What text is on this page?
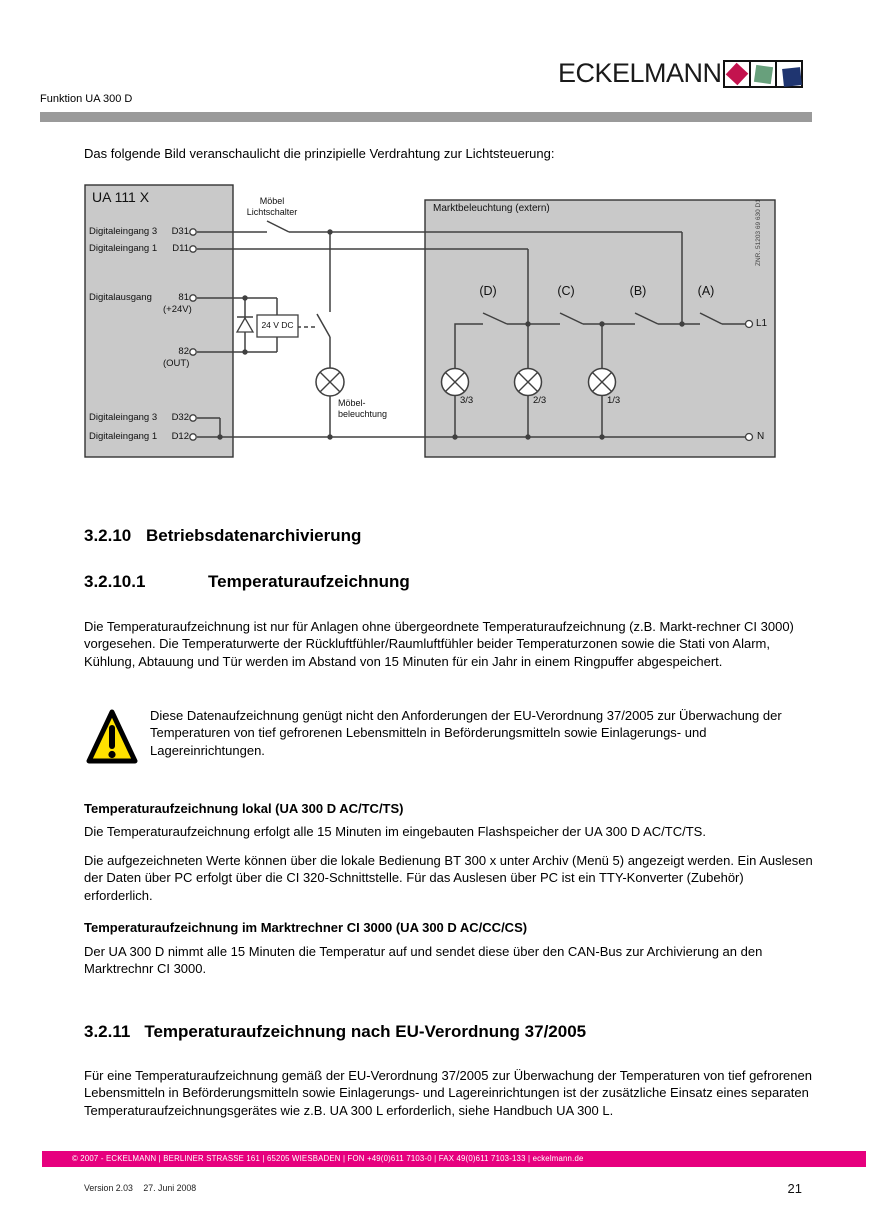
ECKELMANN
Funktion UA 300 D
Das folgende Bild veranschaulicht die prinzipielle Verdrahtung zur Lichtsteuerung:
UA 111 X
Digitaleingang 3	D31
Digitaleingang 1	D11
Digitalausgang	81
(+24V)
82
(OUT)
Digitaleingang 3	D32
Digitaleingang 1	D12
Möbel
Lichtschalter
24 V DC
Möbel-
beleuchtung
Marktbeleuchtung (extern)	ZNR. 51203 69 630 D1
(D)	(C)	(B)	(A)
3/3	2/3	1/3
L1
N
3.2.10 Betriebsdatenarchivierung
3.2.10.1	Temperaturaufzeichnung
Die Temperaturaufzeichnung ist nur für Anlagen ohne übergeordnete Temperaturaufzeichnung (z.B. Markt-rechner CI 3000) vorgesehen. Die Temperaturwerte der Rückluftfühler/Raumluftfühler beider Temperaturzonen sowie die Stati von Alarm, Kühlung, Abtauung und Tür werden im Abstand von 15 Minuten für ein Jahr in einem Ringpuffer abgespeichert.
Diese Datenaufzeichnung genügt nicht den Anforderungen der EU-Verordnung 37/2005 zur Überwachung der Temperaturen von tief gefrorenen Lebensmitteln in Beförderungsmitteln sowie Einlagerungs- und Lagereinrichtungen.
Temperaturaufzeichnung lokal (UA 300 D AC/TC/TS)
Die Temperaturaufzeichnung erfolgt alle 15 Minuten im eingebauten Flashspeicher der UA 300 D AC/TC/TS.
Die aufgezeichneten Werte können über die lokale Bedienung BT 300 x unter Archiv (Menü 5) angezeigt werden. Ein Auslesen der Daten über PC erfolgt über die CI 320-Schnittstelle. Für das Auslesen über PC ist ein TTY-Konverter (Zubehör) erforderlich.
Temperaturaufzeichnung im Marktrechner CI 3000 (UA 300 D AC/CC/CS)
Der UA 300 D nimmt alle 15 Minuten die Temperatur auf und sendet diese über den CAN-Bus zur Archivierung an den Marktrechnr CI 3000.
3.2.11 Temperaturaufzeichnung nach EU-Verordnung 37/2005
Für eine Temperaturaufzeichnung gemäß der EU-Verordnung 37/2005 zur Überwachung der Temperaturen von tief gefrorenen Lebensmitteln in Beförderungsmitteln sowie Einlagerungs- und Lagereinrichtungen ist der zusätzliche Einsatz eines separaten Temperaturaufzeichnungsgerätes wie z.B. UA 300 L erforderlich, siehe Handbuch UA 300 L.
© 2007 - ECKELMANN | BERLINER STRASSE 161 | 65205 WIESBADEN | FON +49(0)611 7103-0 | FAX 49(0)611 7103-133 | eckelmann.de
Version 2.03 27. Juni 2008	21
